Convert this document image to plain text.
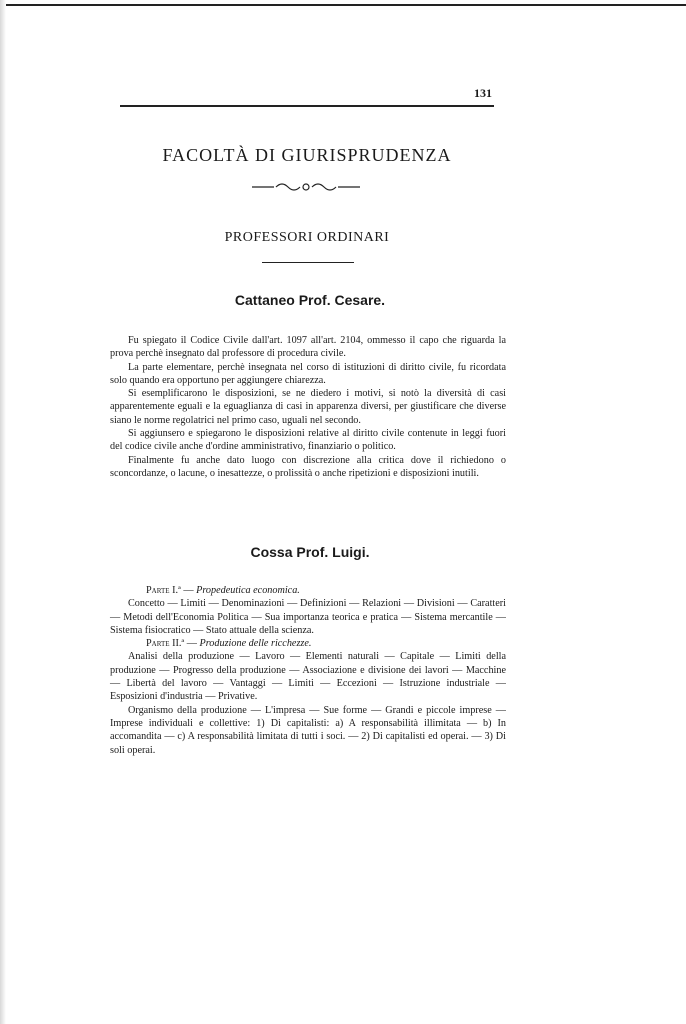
131
FACOLTÀ DI GIURISPRUDENZA
PROFESSORI ORDINARI
Cattaneo Prof. Cesare.

Fu spiegato il Codice Civile dall'art. 1097 all'art. 2104, ommesso il capo che riguarda la prova perchè insegnato dal professore di procedura civile.

La parte elementare, perchè insegnata nel corso di istituzioni di diritto civile, fu ricordata solo quando era opportuno per aggiungere chiarezza.

Si esemplificarono le disposizioni, se ne diedero i motivi, si notò la diversità di casi apparentemente eguali e la eguaglianza di casi in apparenza diversi, per giustificare che diverse siano le norme regolatrici nel primo caso, uguali nel secondo.

Si aggiunsero e spiegarono le disposizioni relative al diritto civile contenute in leggi fuori del codice civile anche d'ordine amministrativo, finanziario o politico.

Finalmente fu anche dato luogo con discrezione alla critica dove il richiedono o sconcordanze, o lacune, o inesattezze, o prolissità o anche ripetizioni e disposizioni inutili.

Cossa Prof. Luigi.

Parte I.ª — Propedeutica economica.

Concetto — Limiti — Denominazioni — Definizioni — Relazioni — Divisioni — Caratteri — Metodi dell'Economia Politica — Sua importanza teorica e pratica — Sistema mercantile — Sistema fisiocratico — Stato attuale della scienza.

Parte II.ª — Produzione delle ricchezze.

Analisi della produzione — Lavoro — Elementi naturali — Capitale — Limiti della produzione — Progresso della produzione — Associazione e divisione dei lavori — Macchine — Libertà del lavoro — Vantaggi — Limiti — Eccezioni — Istruzione industriale — Esposizioni d'industria — Privative.

Organismo della produzione — L'impresa — Sue forme — Grandi e piccole imprese — Imprese individuali e collettive: 1) Di capitalisti: a) A responsabilità illimitata — b) In accomandita — c) A responsabilità limitata di tutti i soci. — 2) Di capitalisti ed operai. — 3) Di soli operai.
